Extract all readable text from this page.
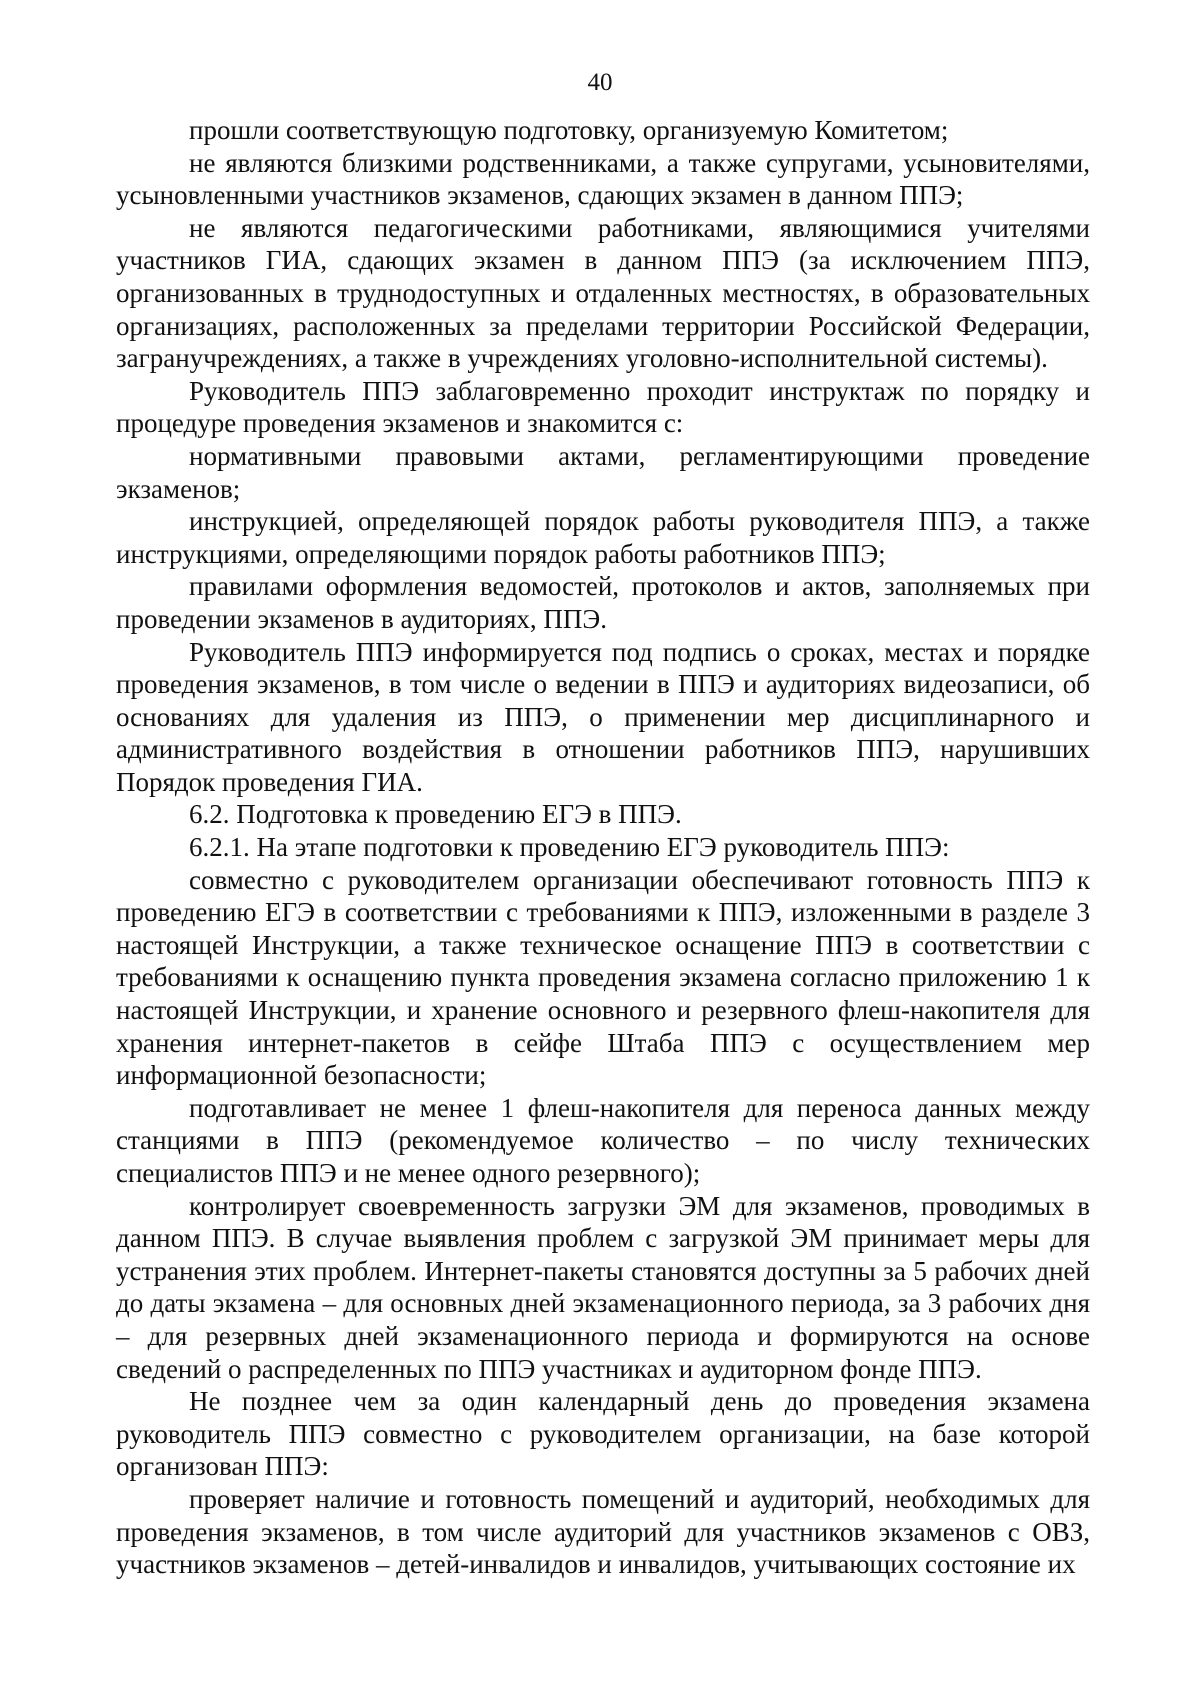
40

прошли соответствующую подготовку, организуемую Комитетом;

не являются близкими родственниками, а также супругами, усыновителями, усыновленными участников экзаменов, сдающих экзамен в данном ППЭ;

не являются педагогическими работниками, являющимися учителями участников ГИА, сдающих экзамен в данном ППЭ (за исключением ППЭ, организованных в труднодоступных и отдаленных местностях, в образовательных организациях, расположенных за пределами территории Российской Федерации, загранучреждениях, а также в учреждениях уголовно-исполнительной системы).

Руководитель ППЭ заблаговременно проходит инструктаж по порядку и процедуре проведения экзаменов и знакомится с:

нормативными правовыми актами, регламентирующими проведение экзаменов;

инструкцией, определяющей порядок работы руководителя ППЭ, а также инструкциями, определяющими порядок работы работников ППЭ;

правилами оформления ведомостей, протоколов и актов, заполняемых при проведении экзаменов в аудиториях, ППЭ.

Руководитель ППЭ информируется под подпись о сроках, местах и порядке проведения экзаменов, в том числе о ведении в ППЭ и аудиториях видеозаписи, об основаниях для удаления из ППЭ, о применении мер дисциплинарного и административного воздействия в отношении работников ППЭ, нарушивших Порядок проведения ГИА.

6.2. Подготовка к проведению ЕГЭ в ППЭ.

6.2.1. На этапе подготовки к проведению ЕГЭ руководитель ППЭ:

совместно с руководителем организации обеспечивают готовность ППЭ к проведению ЕГЭ в соответствии с требованиями к ППЭ, изложенными в разделе 3 настоящей Инструкции, а также техническое оснащение ППЭ в соответствии с требованиями к оснащению пункта проведения экзамена согласно приложению 1 к настоящей Инструкции, и хранение основного и резервного флеш-накопителя для хранения интернет-пакетов в сейфе Штаба ППЭ с осуществлением мер информационной безопасности;

подготавливает не менее 1 флеш-накопителя для переноса данных между станциями в ППЭ (рекомендуемое количество – по числу технических специалистов ППЭ и не менее одного резервного);

контролирует своевременность загрузки ЭМ для экзаменов, проводимых в данном ППЭ. В случае выявления проблем с загрузкой ЭМ принимает меры для устранения этих проблем. Интернет-пакеты становятся доступны за 5 рабочих дней до даты экзамена – для основных дней экзаменационного периода, за 3 рабочих дня – для резервных дней экзаменационного периода и формируются на основе сведений о распределенных по ППЭ участниках и аудиторном фонде ППЭ.

Не позднее чем за один календарный день до проведения экзамена руководитель ППЭ совместно с руководителем организации, на базе которой организован ППЭ:

проверяет наличие и готовность помещений и аудиторий, необходимых для проведения экзаменов, в том числе аудиторий для участников экзаменов с ОВЗ, участников экзаменов – детей-инвалидов и инвалидов, учитывающих состояние их
